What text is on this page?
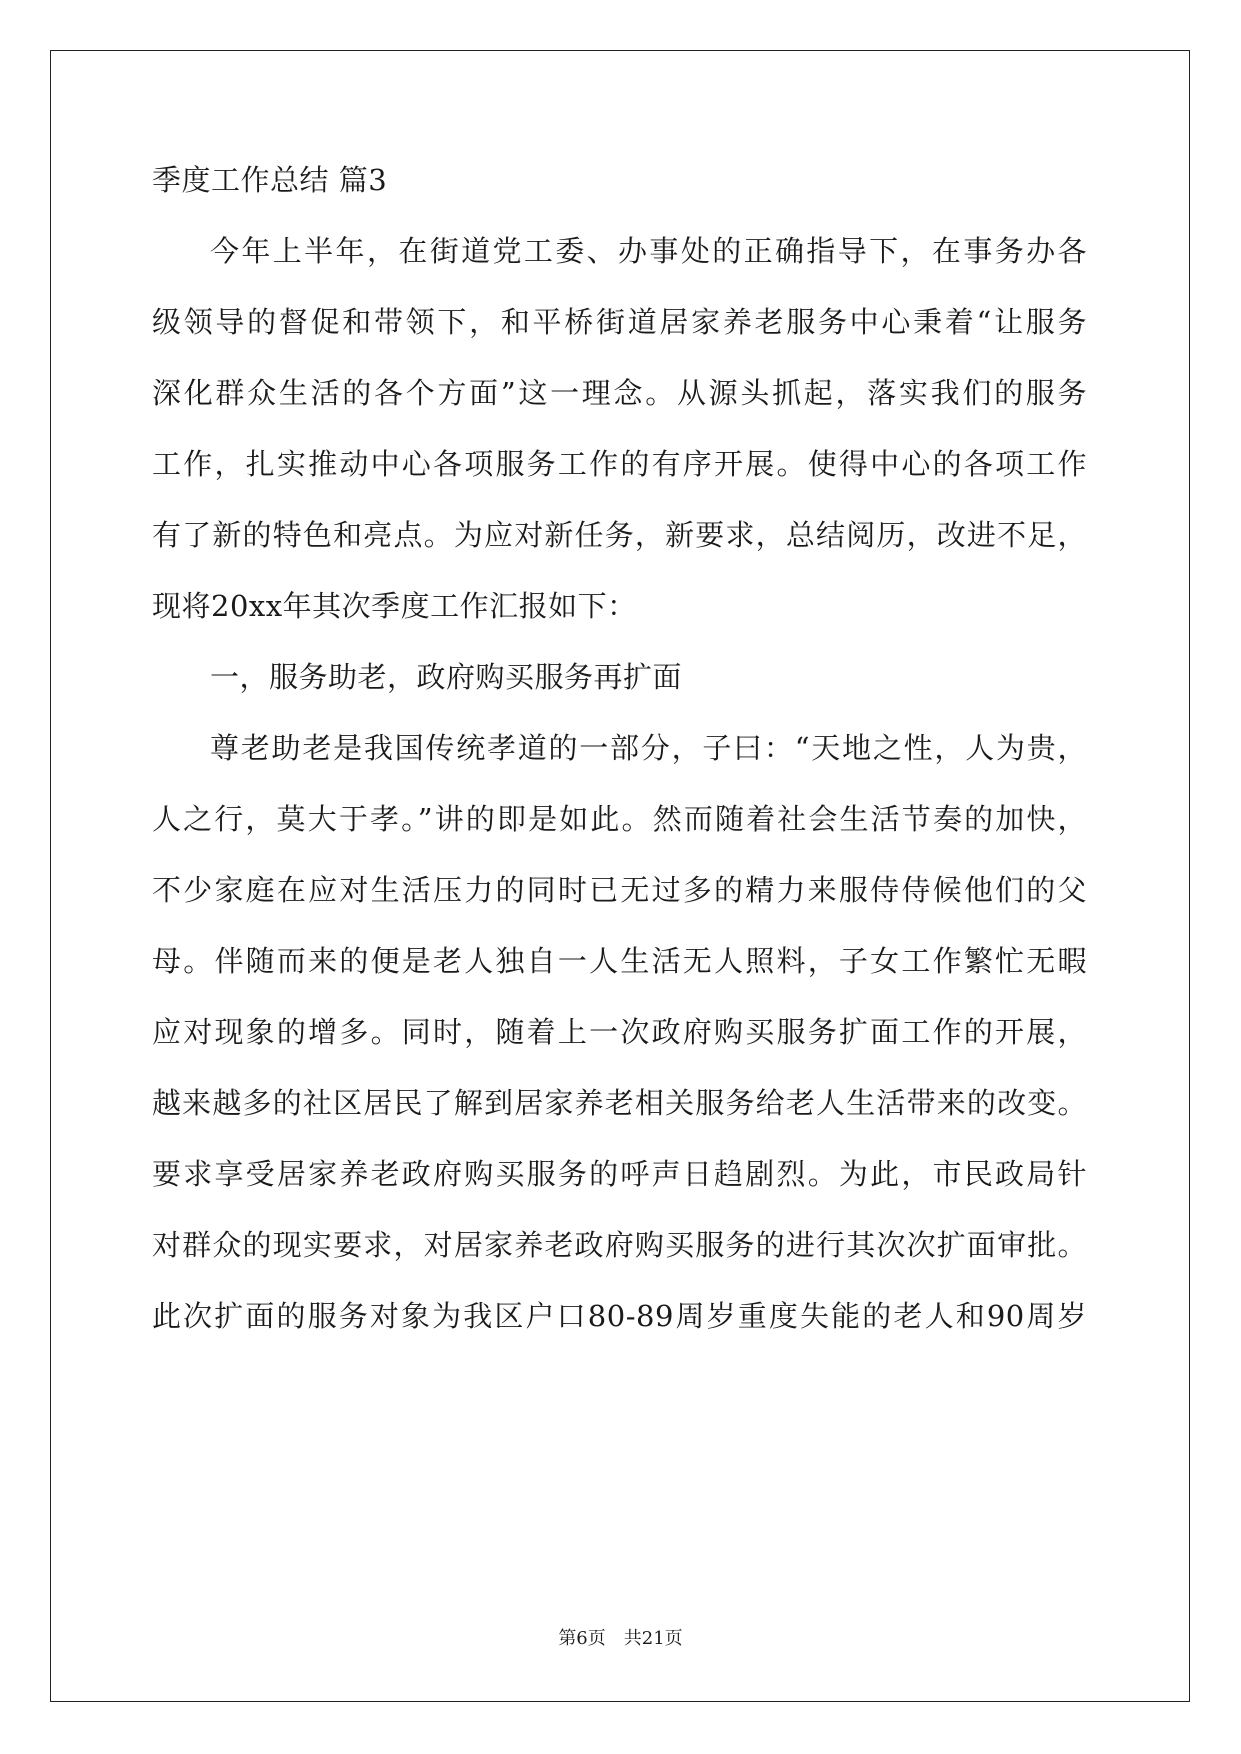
季度工作总结 篇3
今年上半年，在街道党工委、办事处的正确指导下，在事务办各
级领导的督促和带领下，和平桥街道居家养老服务中心秉着“让服务
深化群众生活的各个方面”这一理念。从源头抓起，落实我们的服务
工作，扎实推动中心各项服务工作的有序开展。使得中心的各项工作
有了新的特色和亮点。为应对新任务，新要求，总结阅历，改进不足，
现将20xx年其次季度工作汇报如下：
一，服务助老，政府购买服务再扩面
尊老助老是我国传统孝道的一部分，子曰：“天地之性，人为贵，
人之行，莫大于孝。”讲的即是如此。然而随着社会生活节奏的加快，
不少家庭在应对生活压力的同时已无过多的精力来服侍侍候他们的父
母。伴随而来的便是老人独自一人生活无人照料，子女工作繁忙无暇
应对现象的增多。同时，随着上一次政府购买服务扩面工作的开展，
越来越多的社区居民了解到居家养老相关服务给老人生活带来的改变。
要求享受居家养老政府购买服务的呼声日趋剧烈。为此，市民政局针
对群众的现实要求，对居家养老政府购买服务的进行其次次扩面审批。
此次扩面的服务对象为我区户口80-89周岁重度失能的老人和90周岁
第6页 共21页
